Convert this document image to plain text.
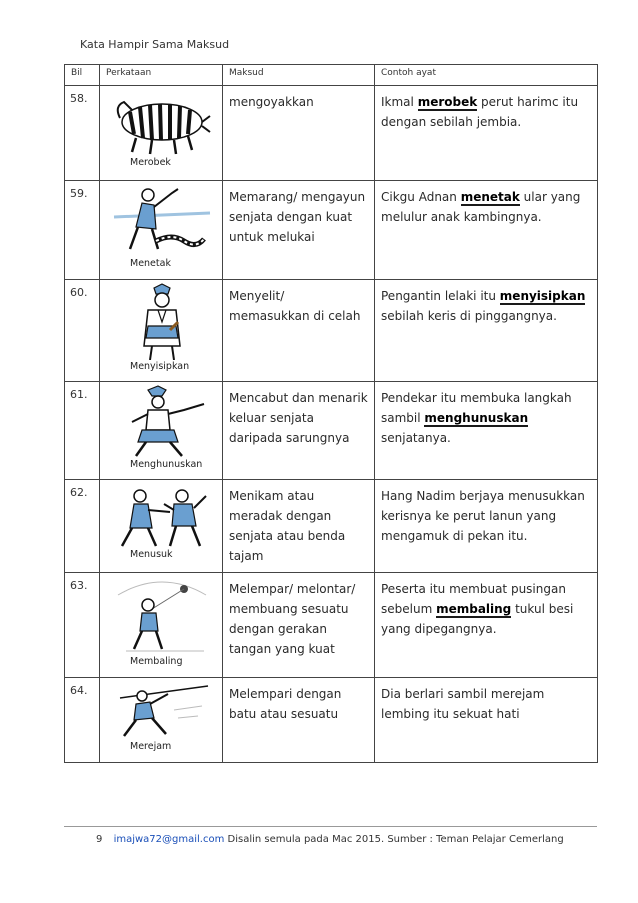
Kata Hampir Sama Maksud
Bil	Perkataan	Maksud	Contoh ayat
58.	Merobek	mengoyakkan	Ikmal merobek perut harimc itu dengan sebilah jembia.
59.	Menetak	Memarang/ mengayun senjata dengan kuat untuk melukai	Cikgu Adnan menetak ular yang melulur anak kambingnya.
60.	Menyisipkan	Menyelit/ memasukkan di celah	Pengantin lelaki itu menyisipkan sebilah keris di pinggangnya.
61.	Menghunuskan	Mencabut dan menarik keluar senjata daripada sarungnya	Pendekar itu membuka langkah sambil menghunuskan senjatanya.
62.	Menusuk	Menikam atau meradak dengan senjata atau benda tajam	Hang Nadim berjaya menusukkan kerisnya ke perut lanun yang mengamuk di pekan itu.
63.	Membaling	Melempar/ melontar/ membuang sesuatu dengan gerakan tangan yang kuat	Peserta itu membuat pusingan sebelum membaling tukul besi yang dipegangnya.
64.	Merejam	Melempari dengan batu atau sesuatu	Dia berlari sambil merejam lembing itu sekuat hati
9 imajwa72@gmail.com Disalin semula pada Mac 2015. Sumber : Teman Pelajar Cemerlang
